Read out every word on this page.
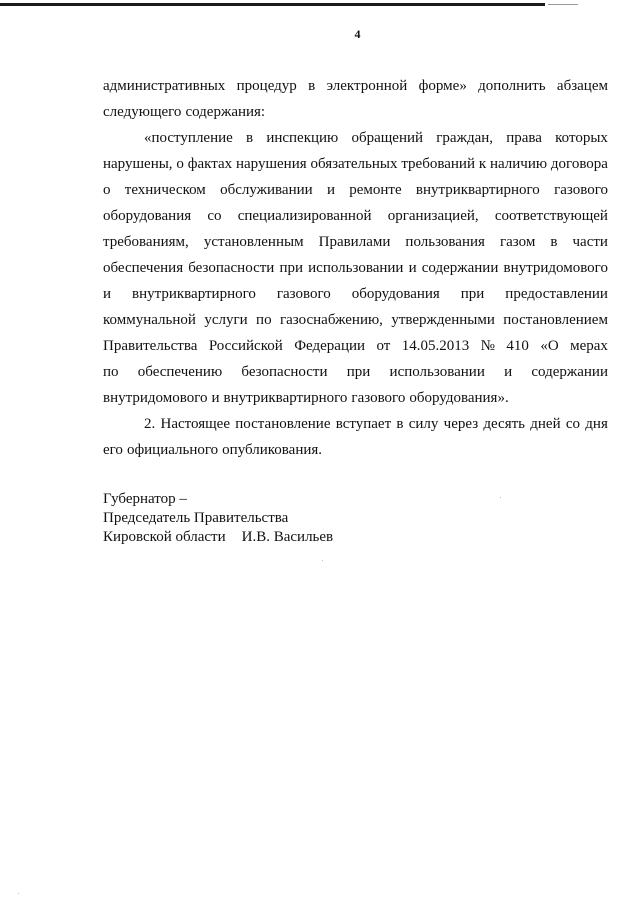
4
административных процедур в электронной форме» дополнить абзацем
следующего содержания:
«поступление в инспекцию обращений граждан, права которых
нарушены, о фактах нарушения обязательных требований к наличию договора
о техническом обслуживании и ремонте внутриквартирного газового
оборудования со специализированной организацией, соответствующей
требованиям, установленным Правилами пользования газом в части
обеспечения безопасности при использовании и содержании внутридомового
и внутриквартирного газового оборудования при предоставлении
коммунальной услуги по газоснабжению, утвержденными постановлением
Правительства Российской Федерации от 14.05.2013 № 410 «О мерах
по обеспечению безопасности при использовании и содержании
внутридомового и внутриквартирного газового оборудования».
2. Настоящее постановление вступает в силу через десять дней со дня
его официального опубликования.
Губернатор –
Председатель Правительства
Кировской области И.В. Васильев
